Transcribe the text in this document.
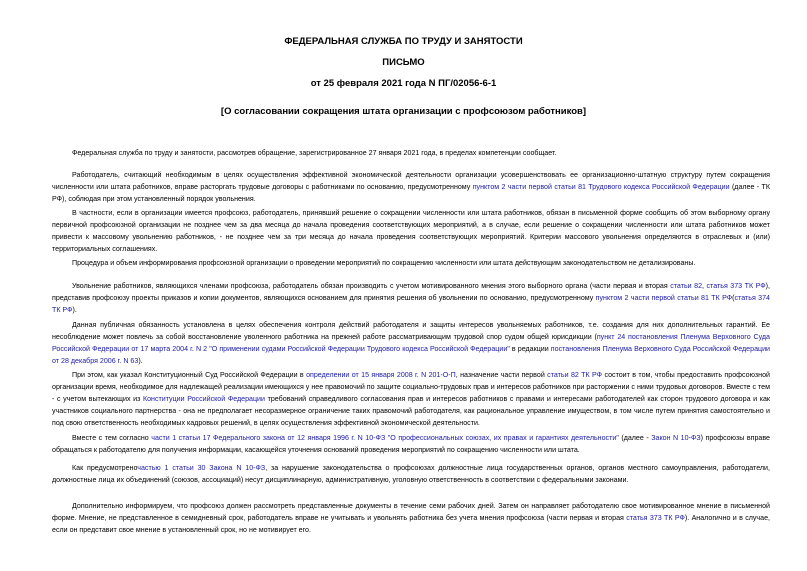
ФЕДЕРАЛЬНАЯ СЛУЖБА ПО ТРУДУ И ЗАНЯТОСТИ
ПИСЬМО
от 25 февраля 2021 года N ПГ/02056-6-1
[О согласовании сокращения штата организации с профсоюзом работников]
Федеральная служба по труду и занятости, рассмотрев обращение, зарегистрированное 27 января 2021 года, в пределах компетенции сообщает.
Работодатель, считающий необходимым в целях осуществления эффективной экономической деятельности организации усовершенствовать ее организационно-штатную структуру путем сокращения численности или штата работников, вправе расторгать трудовые договоры с работниками по основанию, предусмотренному пунктом 2 части первой статьи 81 Трудового кодекса Российской Федерации (далее - ТК РФ), соблюдая при этом установленный порядок увольнения.
В частности, если в организации имеется профсоюз, работодатель, принявший решение о сокращении численности или штата работников, обязан в письменной форме сообщить об этом выборному органу первичной профсоюзной организации не позднее чем за два месяца до начала проведения соответствующих мероприятий, а в случае, если решение о сокращении численности или штата работников может привести к массовому увольнению работников, - не позднее чем за три месяца до начала проведения соответствующих мероприятий. Критерии массового увольнения определяются в отраслевых и (или) территориальных соглашениях.
Процедура и объем информирования профсоюзной организации о проведении мероприятий по сокращению численности или штата действующим законодательством не детализированы.
Увольнение работников, являющихся членами профсоюза, работодатель обязан производить с учетом мотивированного мнения этого выборного органа (части первая и вторая статьи 82, статья 373 ТК РФ), представив профсоюзу проекты приказов и копии документов, являющихся основанием для принятия решения об увольнении по основанию, предусмотренному пунктом 2 части первой статьи 81 ТК РФ(статья 374 ТК РФ).
Данная публичная обязанность установлена в целях обеспечения контроля действий работодателя и защиты интересов увольняемых работников, т.е. создания для них дополнительных гарантий. Ее несоблюдение может повлечь за собой восстановление уволенного работника на прежней работе рассматривающим трудовой спор судом общей юрисдикции (пункт 24 постановления Пленума Верховного Суда Российской Федерации от 17 марта 2004 г. N 2 "О применении судами Российской Федерации Трудового кодекса Российской Федерации" в редакции постановления Пленума Верховного Суда Российской Федерации от 28 декабря 2006 г. N 63).
При этом, как указал Конституционный Суд Российской Федерации в определении от 15 января 2008 г. N 201-О-П, назначение части первой статьи 82 ТК РФ состоит в том, чтобы предоставить профсоюзной организации время, необходимое для надлежащей реализации имеющихся у нее правомочий по защите социально-трудовых прав и интересов работников при расторжении с ними трудовых договоров. Вместе с тем - с учетом вытекающих из Конституции Российской Федерации требований справедливого согласования прав и интересов работников с правами и интересами работодателей как сторон трудового договора и как участников социального партнерства - она не предполагает несоразмерное ограничение таких правомочий работодателя, как рациональное управление имуществом, в том числе путем принятия самостоятельно и под свою ответственность необходимых кадровых решений, в целях осуществления эффективной экономической деятельности.
Вместе с тем согласно части 1 статьи 17 Федерального закона от 12 января 1996 г. N 10-ФЗ "О профессиональных союзах, их правах и гарантиях деятельности" (далее - Закон N 10-ФЗ) профсоюзы вправе обращаться к работодателю для получения информации, касающейся уточнения оснований проведения мероприятий по сокращению численности или штата.
Как предусмотреночастью 1 статьи 30 Закона N 10-ФЗ, за нарушение законодательства о профсоюзах должностные лица государственных органов, органов местного самоуправления, работодатели, должностные лица их объединений (союзов, ассоциаций) несут дисциплинарную, административную, уголовную ответственность в соответствии с федеральными законами.
Дополнительно информируем, что профсоюз должен рассмотреть представленные документы в течение семи рабочих дней. Затем он направляет работодателю свое мотивированное мнение в письменной форме. Мнение, не представленное в семидневный срок, работодатель вправе не учитывать и увольнять работника без учета мнения профсоюза (части первая и вторая статья 373 ТК РФ). Аналогично и в случае, если он представит свое мнение в установленный срок, но не мотивирует его.
